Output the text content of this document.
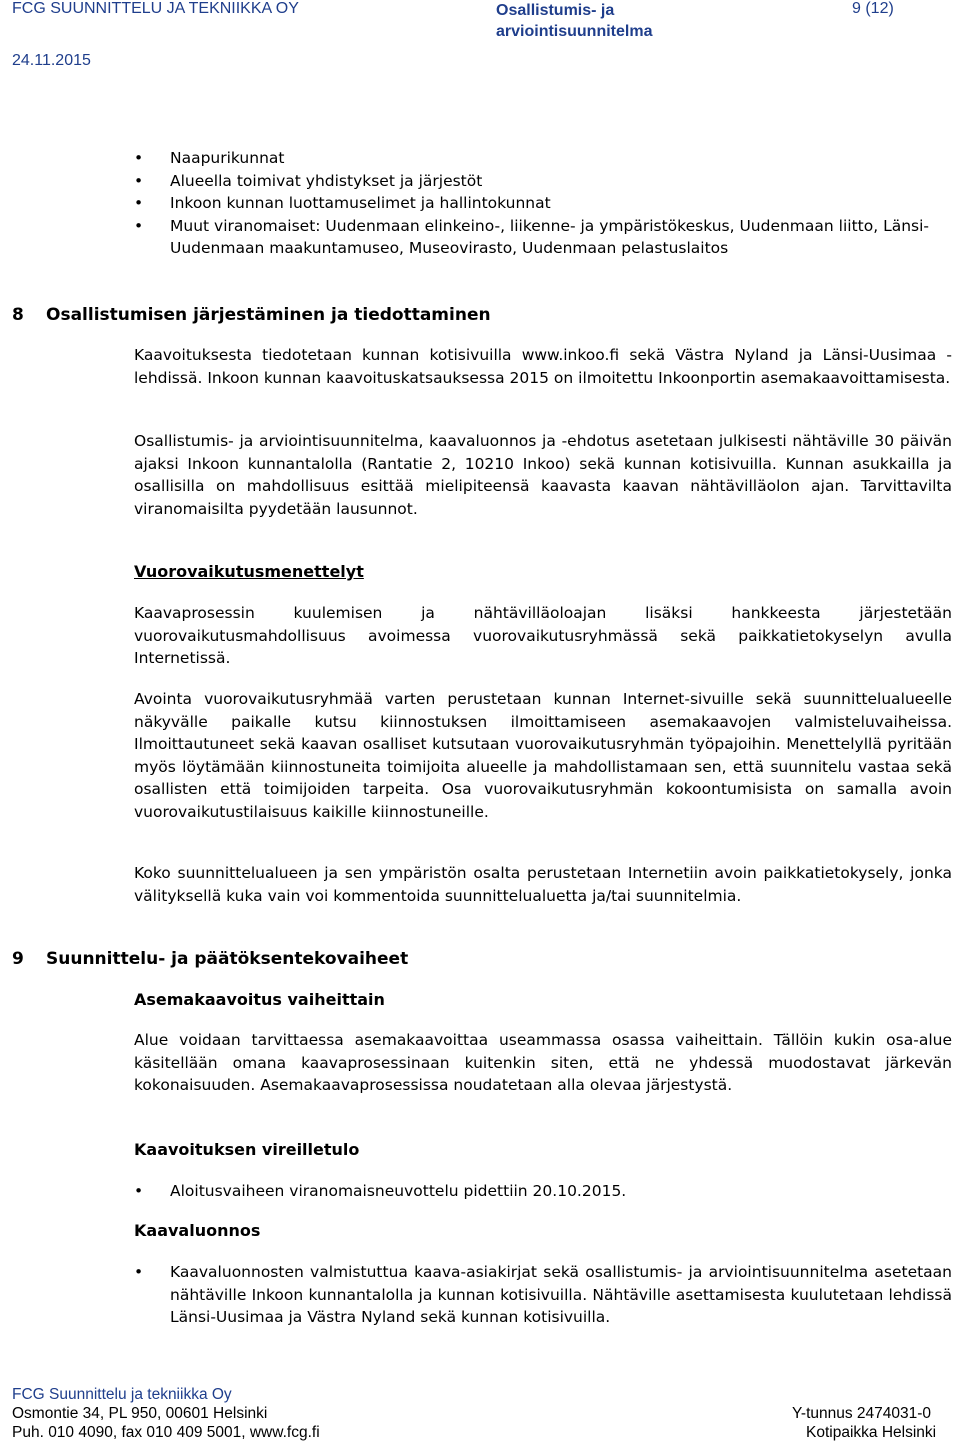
FCG SUUNNITTELU JA TEKNIIKKA OY
24.11.2015
Osallistumis- ja arviointisuunnitelma
9 (12)
• Naapurikunnat
• Alueella toimivat yhdistykset ja järjestöt
• Inkoon kunnan luottamuselimet ja hallintokunnat
• Muut viranomaiset: Uudenmaan elinkeino-, liikenne- ja ympäristökeskus, Uudenmaan liitto, Länsi-Uudenmaan maakuntamuseo, Museovirasto, Uudenmaan pelastuslaitos
8 Osallistumisen järjestäminen ja tiedottaminen
Kaavoituksesta tiedotetaan kunnan kotisivuilla www.inkoo.fi sekä Västra Nyland ja Länsi-Uusimaa -lehdissä. Inkoon kunnan kaavoituskatsauksessa 2015 on ilmoitettu Inkoonportin asemakaavoittamisesta.
Osallistumis- ja arviointisuunnitelma, kaavaluonnos ja -ehdotus asetetaan julkisesti nähtäville 30 päivän ajaksi Inkoon kunnantalolla (Rantatie 2, 10210 Inkoo) sekä kunnan kotisivuilla. Kunnan asukkailla ja osallisilla on mahdollisuus esittää mielipiteensä kaavasta kaavan nähtävilläolon ajan. Tarvittavilta viranomaisilta pyydetään lausunnot.
Vuorovaikutusmenettelyt
Kaavaprosessin kuulemisen ja nähtävilläoloajan lisäksi hankkeesta järjestetään vuorovaikutusmahdollisuus avoimessa vuorovaikutusryhmässä sekä paikkatietokyselyn avulla Internetissä.
Avointa vuorovaikutusryhmää varten perustetaan kunnan Internet-sivuille sekä suunnittelualueelle näkyvälle paikalle kutsu kiinnostuksen ilmoittamiseen asemakaavojen valmisteluvaiheissa. Ilmoittautuneet sekä kaavan osalliset kutsutaan vuorovaikutusryhmän työpajoihin. Menettelyllä pyritään myös löytämään kiinnostuneita toimijoita alueelle ja mahdollistamaan sen, että suunnitelu vastaa sekä osallisten että toimijoiden tarpeita. Osa vuorovaikutusryhmän kokoontumisista on samalla avoin vuorovaikutustilaisuus kaikille kiinnostuneille.
Koko suunnittelualueen ja sen ympäristön osalta perustetaan Internetiin avoin paikkatietokysely, jonka välityksellä kuka vain voi kommentoida suunnittelualuetta ja/tai suunnitelmia.
9 Suunnittelu- ja päätöksentekovaiheet
Asemakaavoitus vaiheittain
Alue voidaan tarvittaessa asemakaavoittaa useammassa osassa vaiheittain. Tällöin kukin osa-alue käsitellään omana kaavaprosessinaan kuitenkin siten, että ne yhdessä muodostavat järkevän kokonaisuuden. Asemakaavaprosessissa noudatetaan alla olevaa järjestystä.
Kaavoituksen vireilletulo
• Aloitusvaiheen viranomaisneuvottelu pidettiin 20.10.2015.
Kaavaluonnos
• Kaavaluonnosten valmistuttua kaava-asiakirjat sekä osallistumis- ja arviointisuunnitelma asetetaan nähtäville Inkoon kunnantalolla ja kunnan kotisivuilla. Nähtäville asettamisesta kuulutetaan lehdissä Länsi-Uusimaa ja Västra Nyland sekä kunnan kotisivuilla.
FCG Suunnittelu ja tekniikka Oy
Osmontie 34, PL 950, 00601 Helsinki
Puh. 010 4090, fax 010 409 5001, www.fcg.fi
Y-tunnus 2474031-0
Kotipaikka Helsinki
